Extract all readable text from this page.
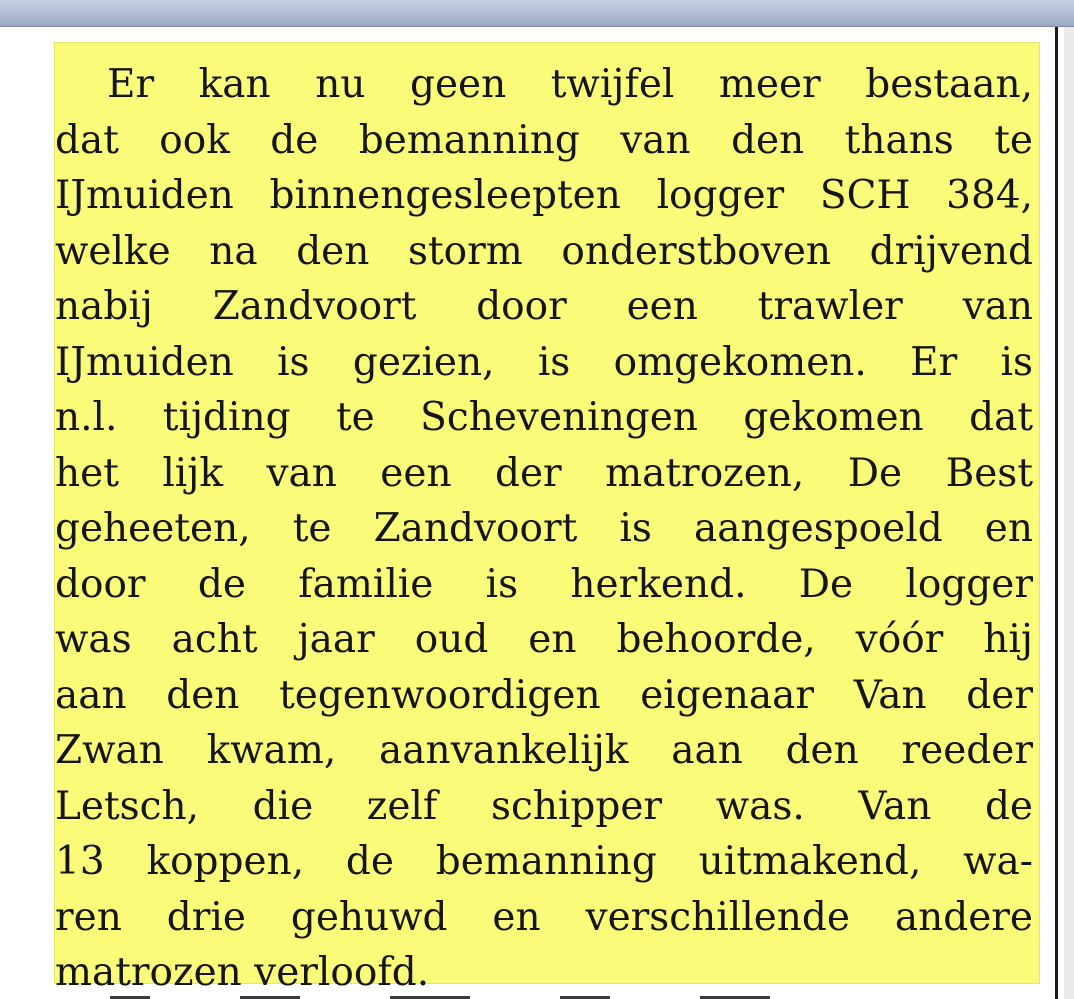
Er kan nu geen twijfel meer bestaan,
dat ook de bemanning van den thans te
IJmuiden binnengesleepten logger SCH 384,
welke na den storm onderstboven drijvend
nabij Zandvoort door een trawler van
IJmuiden is gezien, is omgekomen. Er is
n.l. tijding te Scheveningen gekomen dat
het lijk van een der matrozen, De Best
geheeten, te Zandvoort is aangespoeld en
door de familie is herkend. De logger
was acht jaar oud en behoorde, vóór hij
aan den tegenwoordigen eigenaar Van der
Zwan kwam, aanvankelijk aan den reeder
Letsch, die zelf schipper was. Van de
13 koppen, de bemanning uitmakend, wa-
ren drie gehuwd en verschillende andere
matrozen verloofd.
